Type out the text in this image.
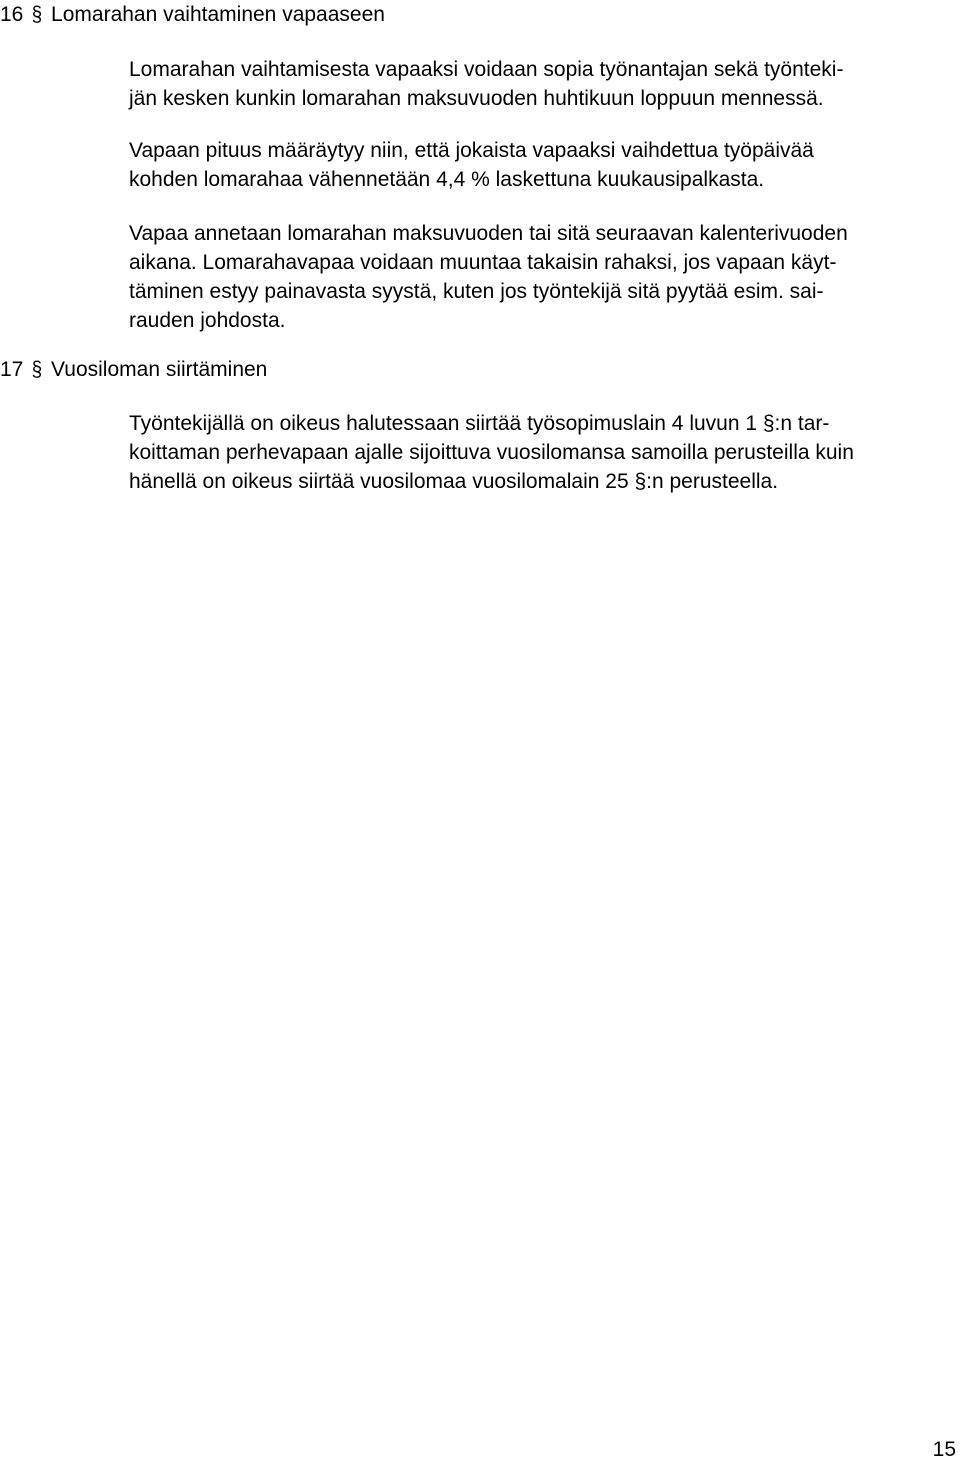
16 § Lomarahan vaihtaminen vapaaseen

Lomarahan vaihtamisesta vapaaksi voidaan sopia työnantajan sekä työnteki-
jän kesken kunkin lomarahan maksuvuoden huhtikuun loppuun mennessä.

Vapaan pituus määräytyy niin, että jokaista vapaaksi vaihdettua työpäivää
kohden lomarahaa vähennetään 4,4 % laskettuna kuukausipalkasta.

Vapaa annetaan lomarahan maksuvuoden tai sitä seuraavan kalenterivuoden
aikana. Lomarahavapaa voidaan muuntaa takaisin rahaksi, jos vapaan käyt-
täminen estyy painavasta syystä, kuten jos työntekijä sitä pyytää esim. sai-
rauden johdosta.

17 § Vuosiloman siirtäminen

Työntekijällä on oikeus halutessaan siirtää työsopimuslain 4 luvun 1 §:n tar-
koittaman perhevapaan ajalle sijoittuva vuosilomansa samoilla perusteilla kuin
hänellä on oikeus siirtää vuosilomaa vuosilomalain 25 §:n perusteella.

15
